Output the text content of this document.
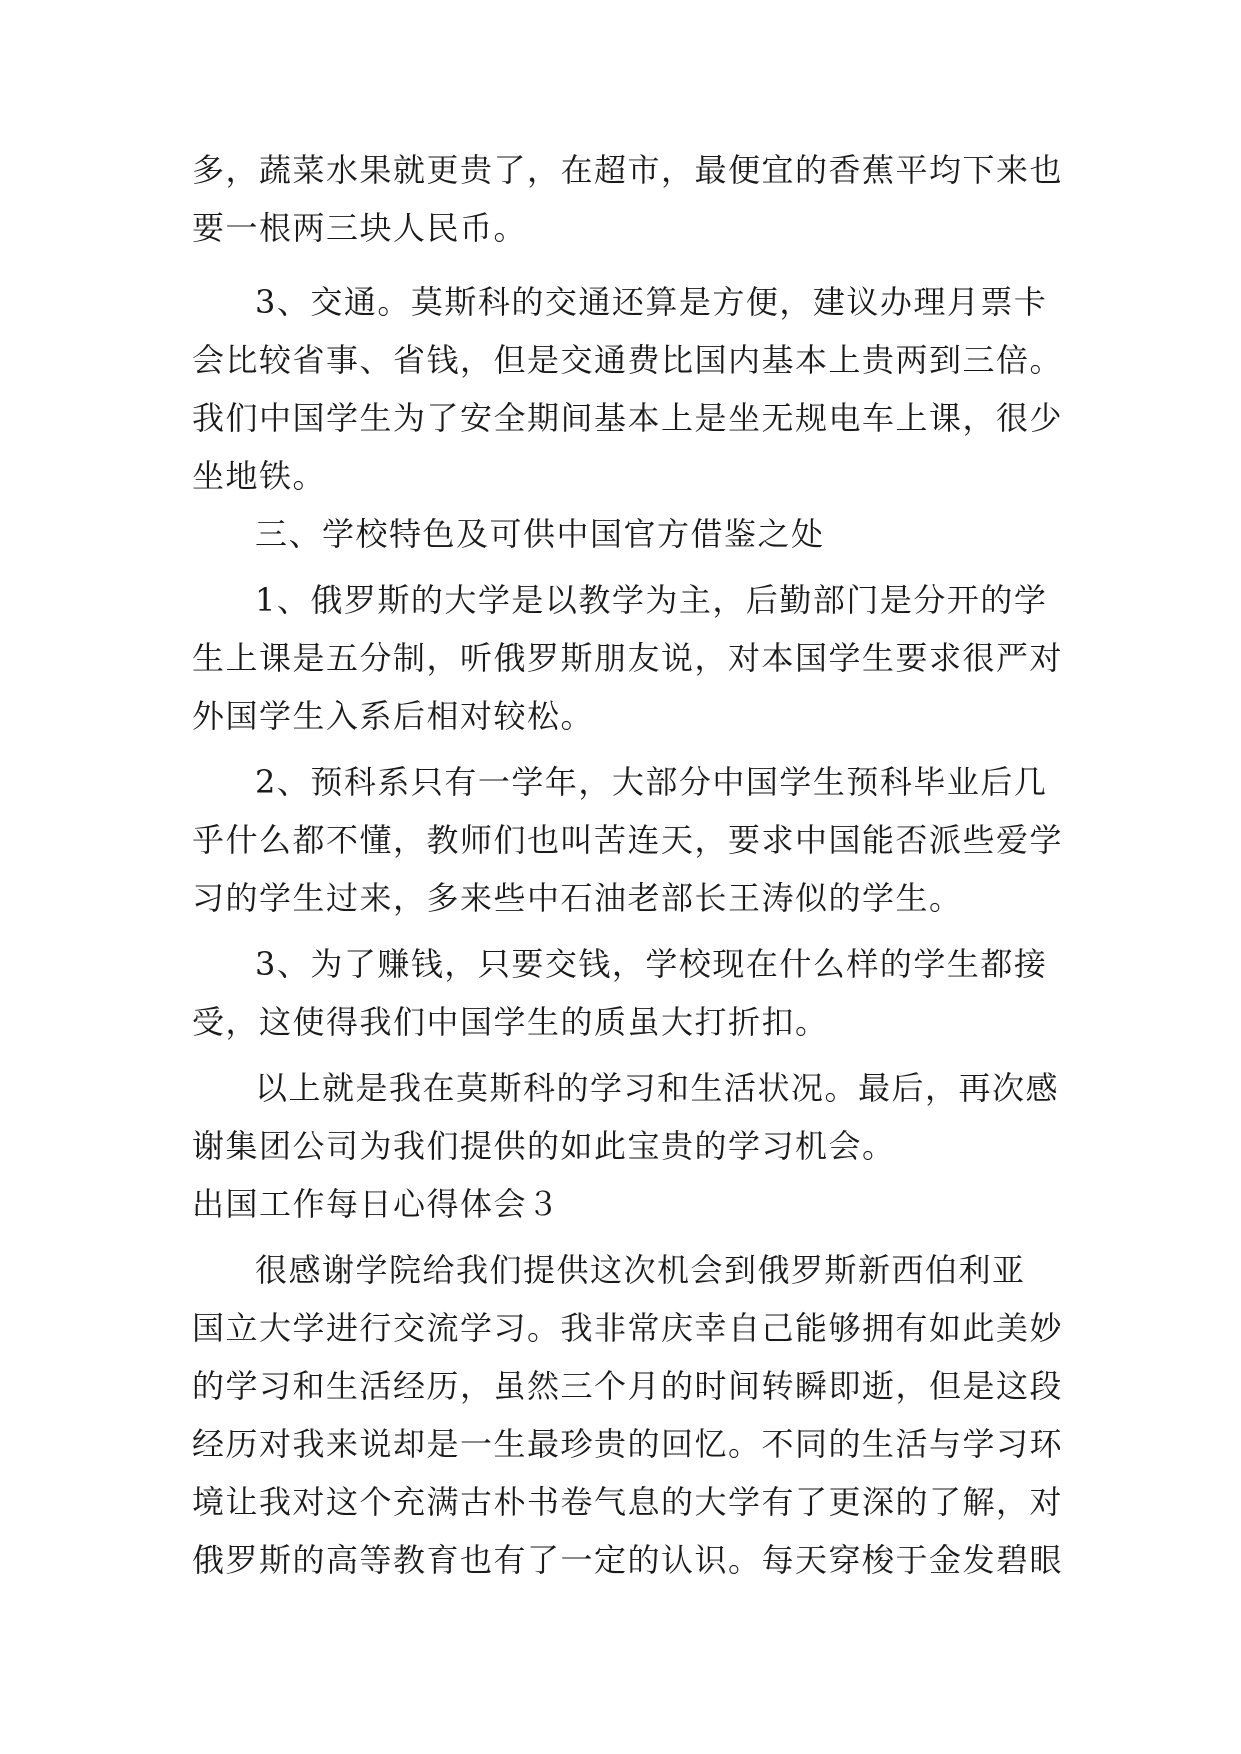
多，蔬菜水果就更贵了，在超市，最便宜的香蕉平均下来也
要一根两三块人民币。
3、交通。莫斯科的交通还算是方便，建议办理月票卡
会比较省事、省钱，但是交通费比国内基本上贵两到三倍。
我们中国学生为了安全期间基本上是坐无规电车上课，很少
坐地铁。
三、学校特色及可供中国官方借鉴之处
1、俄罗斯的大学是以教学为主，后勤部门是分开的学
生上课是五分制，听俄罗斯朋友说，对本国学生要求很严对
外国学生入系后相对较松。
2、预科系只有一学年，大部分中国学生预科毕业后几
乎什么都不懂，教师们也叫苦连天，要求中国能否派些爱学
习的学生过来，多来些中石油老部长王涛似的学生。
3、为了赚钱，只要交钱，学校现在什么样的学生都接
受，这使得我们中国学生的质虽大打折扣。
以上就是我在莫斯科的学习和生活状况。最后，再次感
谢集团公司为我们提供的如此宝贵的学习机会。
出国工作每日心得体会３
很感谢学院给我们提供这次机会到俄罗斯新西伯利亚
国立大学进行交流学习。我非常庆幸自己能够拥有如此美妙
的学习和生活经历，虽然三个月的时间转瞬即逝，但是这段
经历对我来说却是一生最珍贵的回忆。不同的生活与学习环
境让我对这个充满古朴书卷气息的大学有了更深的了解，对
俄罗斯的高等教育也有了一定的认识。每天穿梭于金发碧眼
